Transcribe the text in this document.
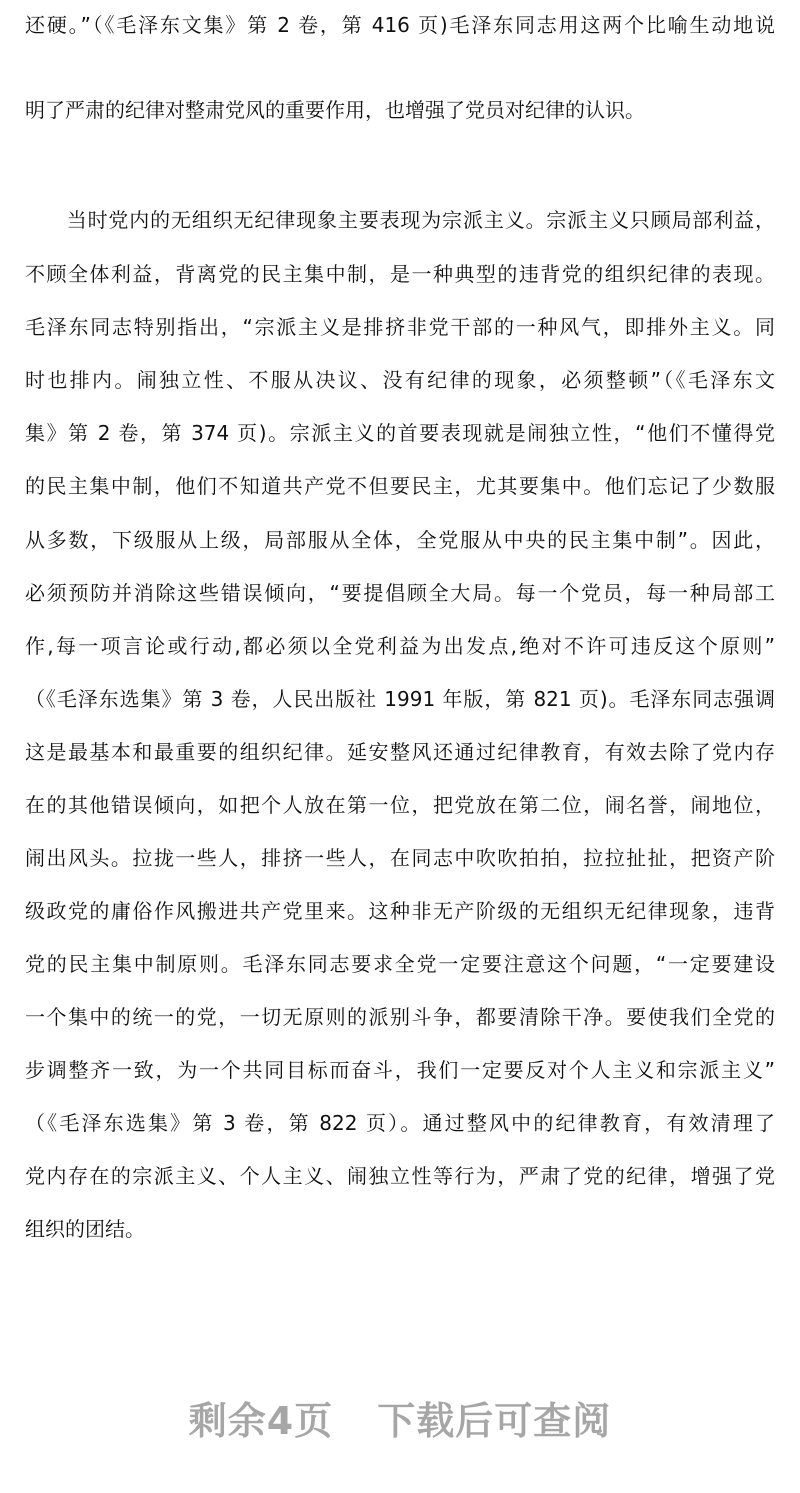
还硬。”（《毛泽东文集》第 2 卷，第 416 页)毛泽东同志用这两个比喻生动地说
明了严肃的纪律对整肃党风的重要作用，也增强了党员对纪律的认识。
　　当时党内的无组织无纪律现象主要表现为宗派主义。宗派主义只顾局部利益，
不顾全体利益，背离党的民主集中制，是一种典型的违背党的组织纪律的表现。
毛泽东同志特别指出，“宗派主义是排挤非党干部的一种风气，即排外主义。同
时也排内。闹独立性、不服从决议、没有纪律的现象，必须整顿”（《毛泽东文
集》第 2 卷，第 374 页)。宗派主义的首要表现就是闹独立性，“他们不懂得党
的民主集中制，他们不知道共产党不但要民主，尤其要集中。他们忘记了少数服
从多数，下级服从上级，局部服从全体，全党服从中央的民主集中制”。因此，
必须预防并消除这些错误倾向，“要提倡顾全大局。每一个党员，每一种局部工
作,每一项言论或行动,都必须以全党利益为出发点,绝对不许可违反这个原则”
（《毛泽东选集》第 3 卷，人民出版社 1991 年版，第 821 页)。毛泽东同志强调
这是最基本和最重要的组织纪律。延安整风还通过纪律教育，有效去除了党内存
在的其他错误倾向，如把个人放在第一位，把党放在第二位，闹名誉，闹地位，
闹出风头。拉拢一些人，排挤一些人，在同志中吹吹拍拍，拉拉扯扯，把资产阶
级政党的庸俗作风搬进共产党里来。这种非无产阶级的无组织无纪律现象，违背
党的民主集中制原则。毛泽东同志要求全党一定要注意这个问题，“一定要建设
一个集中的统一的党，一切无原则的派别斗争，都要清除干净。要使我们全党的
步调整齐一致，为一个共同目标而奋斗，我们一定要反对个人主义和宗派主义”
（《毛泽东选集》第 3 卷，第 822 页）。通过整风中的纪律教育，有效清理了
党内存在的宗派主义、个人主义、闹独立性等行为，严肃了党的纪律，增强了党
组织的团结。
剩余4页 下载后可查阅
